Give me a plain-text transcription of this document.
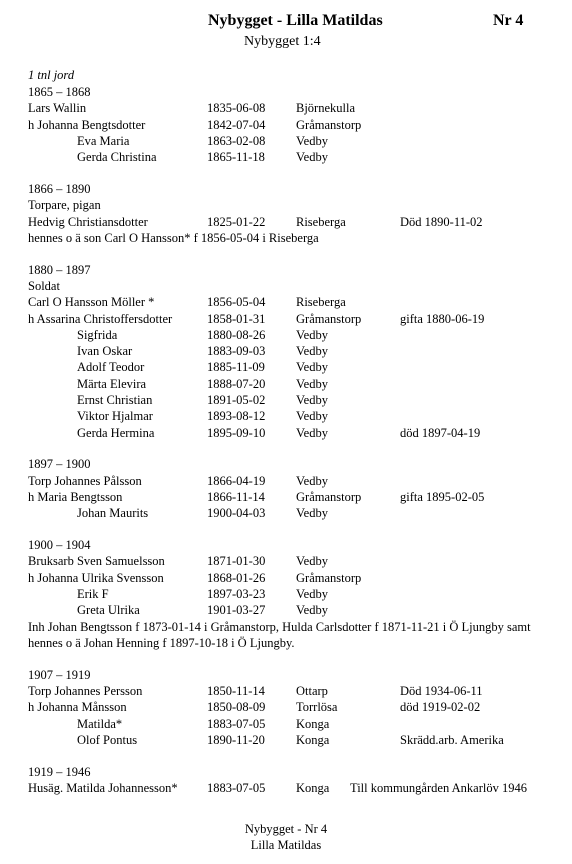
Nybygget - Lilla Matildas	Nr 4
Nybygget 1:4
1 tnl jord
1865 – 1868
Lars Wallin	1835-06-08 Björnekulla
h Johanna Bengtsdotter	1842-07-04 Gråmanstorp
Eva Maria	1863-02-08 Vedby
Gerda Christina	1865-11-18 Vedby
1866 – 1890
Torpare, pigan
Hedvig Christiansdotter	1825-01-22 Riseberga	Död 1890-11-02
hennes o ä son Carl O Hansson* f 1856-05-04 i Riseberga
1880 – 1897
Soldat
Carl O Hansson Möller *	1856-05-04 Riseberga
h Assarina Christoffersdotter	1858-01-31 Gråmanstorp	gifta 1880-06-19
Sigfrida	1880-08-26 Vedby
Ivan Oskar	1883-09-03 Vedby
Adolf Teodor	1885-11-09 Vedby
Märta Elevira	1888-07-20 Vedby
Ernst Christian	1891-05-02 Vedby
Viktor Hjalmar	1893-08-12 Vedby
Gerda Hermina	1895-09-10 Vedby	död 1897-04-19
1897 – 1900
Torp Johannes Pålsson	1866-04-19 Vedby
h Maria Bengtsson	1866-11-14 Gråmanstorp	gifta 1895-02-05
Johan Maurits	1900-04-03 Vedby
1900 – 1904
Bruksarb Sven Samuelsson	1871-01-30 Vedby
h Johanna Ulrika Svensson	1868-01-26 Gråmanstorp
Erik F	1897-03-23 Vedby
Greta Ulrika	1901-03-27 Vedby
Inh Johan Bengtsson f 1873-01-14 i Gråmanstorp, Hulda Carlsdotter f 1871-11-21 i Ö Ljungby samt hennes o ä Johan Henning f 1897-10-18 i Ö Ljungby.
1907 – 1919
Torp Johannes Persson	1850-11-14 Ottarp	Död 1934-06-11
h Johanna Månsson	1850-08-09 Torrlösa	död 1919-02-02
Matilda*	1883-07-05 Konga
Olof Pontus	1890-11-20 Konga	Skrädd.arb. Amerika
1919 – 1946
Husäg. Matilda Johannesson* 1883-07-05 Konga Till kommungården Ankarlöv 1946
Nybygget - Nr 4
Lilla Matildas
